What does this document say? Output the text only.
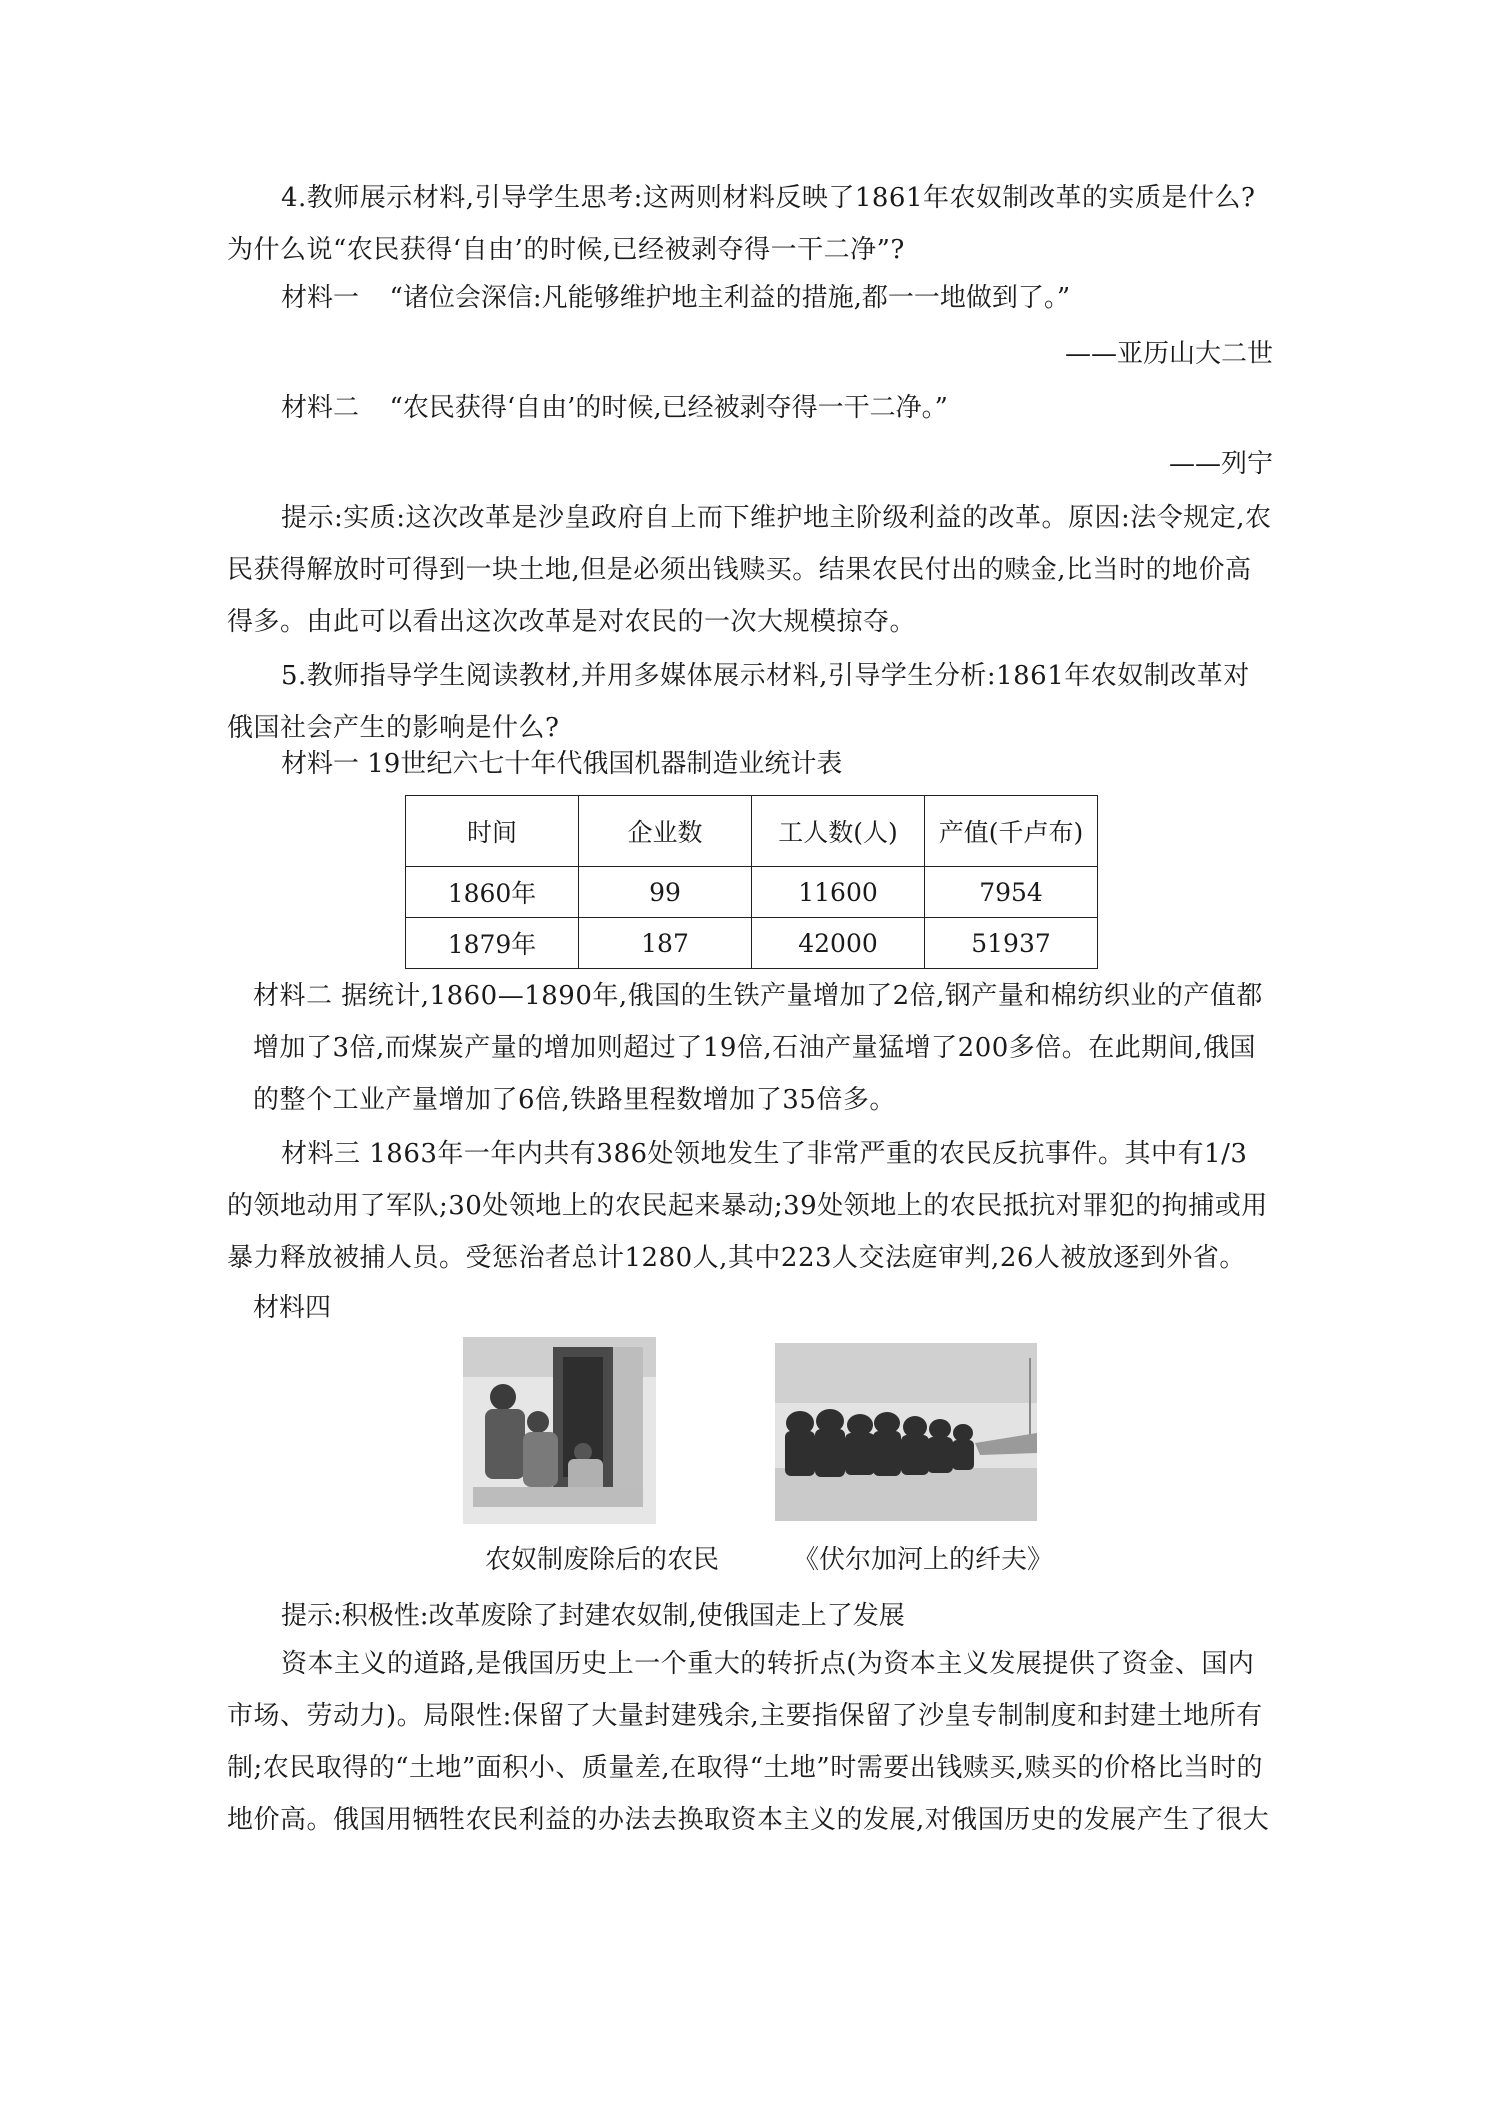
4.教师展示材料,引导学生思考:这两则材料反映了1861年农奴制改革的实质是什么?为什么说“农民获得‘自由’的时候,已经被剥夺得一干二净”?

材料一 “诸位会深信:凡能够维护地主利益的措施,都一一地做到了。”

——亚历山大二世

材料二 “农民获得‘自由’的时候,已经被剥夺得一干二净。”

——列宁

提示:实质:这次改革是沙皇政府自上而下维护地主阶级利益的改革。原因:法令规定,农民获得解放时可得到一块土地,但是必须出钱赎买。结果农民付出的赎金,比当时的地价高得多。由此可以看出这次改革是对农民的一次大规模掠夺。

5.教师指导学生阅读教材,并用多媒体展示材料,引导学生分析:1861年农奴制改革对俄国社会产生的影响是什么?

材料一 19世纪六七十年代俄国机器制造业统计表

时间	企业数	工人数(人)	产值(千卢布)
1860年	99	11600	7954
1879年	187	42000	51937

材料二 据统计,1860—1890年,俄国的生铁产量增加了2倍,钢产量和棉纺织业的产值都增加了3倍,而煤炭产量的增加则超过了19倍,石油产量猛增了200多倍。在此期间,俄国的整个工业产量增加了6倍,铁路里程数增加了35倍多。

材料三 1863年一年内共有386处领地发生了非常严重的农民反抗事件。其中有1/3的领地动用了军队;30处领地上的农民起来暴动;39处领地上的农民抵抗对罪犯的拘捕或用暴力释放被捕人员。受惩治者总计1280人,其中223人交法庭审判,26人被放逐到外省。

材料四

农奴制废除后的农民	《伏尔加河上的纤夫》

提示:积极性:改革废除了封建农奴制,使俄国走上了发展

资本主义的道路,是俄国历史上一个重大的转折点(为资本主义发展提供了资金、国内市场、劳动力)。局限性:保留了大量封建残余,主要指保留了沙皇专制制度和封建土地所有制;农民取得的“土地”面积小、质量差,在取得“土地”时需要出钱赎买,赎买的价格比当时的地价高。俄国用牺牲农民利益的办法去换取资本主义的发展,对俄国历史的发展产生了很大
